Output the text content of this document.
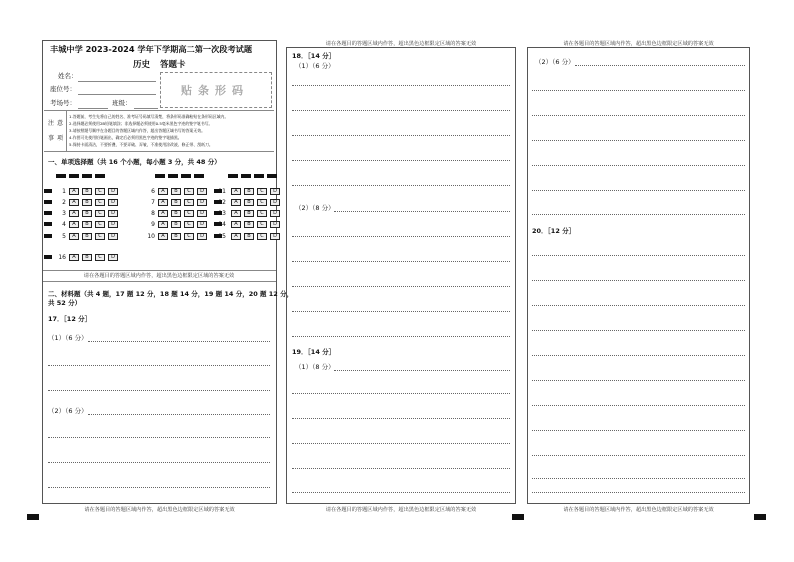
丰城中学 2023-2024 学年下学期高二第一次段考试题
历史 答题卡
姓名：
座位号：
考场号：	班级：
贴条形码
注 意
事 项
1.答题前，考生先将自己的姓名、准考证号码填写清楚，将条形码准确粘贴在条形码区域内。
2.选择题必须使用2B铅笔填涂；非选择题必须使用0.5毫米黑色字迹的签字笔书写。
3.请按照题号顺序在各题目的答题区域内作答，超出答题区域书写的答案无效。
4.作图可先使用铅笔画出，确定后必须用黑色字迹的签字笔描黑。
5.保持卡面清洁，不要折叠，不要弄破、弄皱，不准使用涂改液、修正带、刮纸刀。
一、单项选择题（共 16 个小题，每小题 3 分，共 48 分）
1	A	B	C	D
2	A	B	C	D
3	A	B	C	D
4	A	B	C	D
5	A	B	C	D
6	A	B	C	D
7	A	B	C	D
8	A	B	C	D
9	A	B	C	D
10	A	B	C	D
11	A	B	C	D
12	A	B	C	D
13	A	B	C	D
14	A	B	C	D
15	A	B	C	D
16	A	B	C	D
请在各题目的答题区域内作答，超出黑色边框限定区域的答案无效
二、材料题（共 4 题，17 题 12 分，18 题 14 分，19 题 14 分，20 题 12 分，
共 52 分）
17．［12 分］
（1）（6 分）
（2）（6 分）
请在各题目的答题区域内作答，超出黑色边框限定区域的答案无效
请在各题目的答题区域内作答，超出黑色边框限定区域的答案无效
18．［14 分］
（1）（6 分）
（2）（8 分）
19．［14 分］
（1）（8 分）
请在各题目的答题区域内作答，超出黑色边框限定区域的答案无效
请在各题目的答题区域内作答，超出黑色边框限定区域的答案无效
（2）（6 分）
20．［12 分］
请在各题目的答题区域内作答，超出黑色边框限定区域的答案无效
